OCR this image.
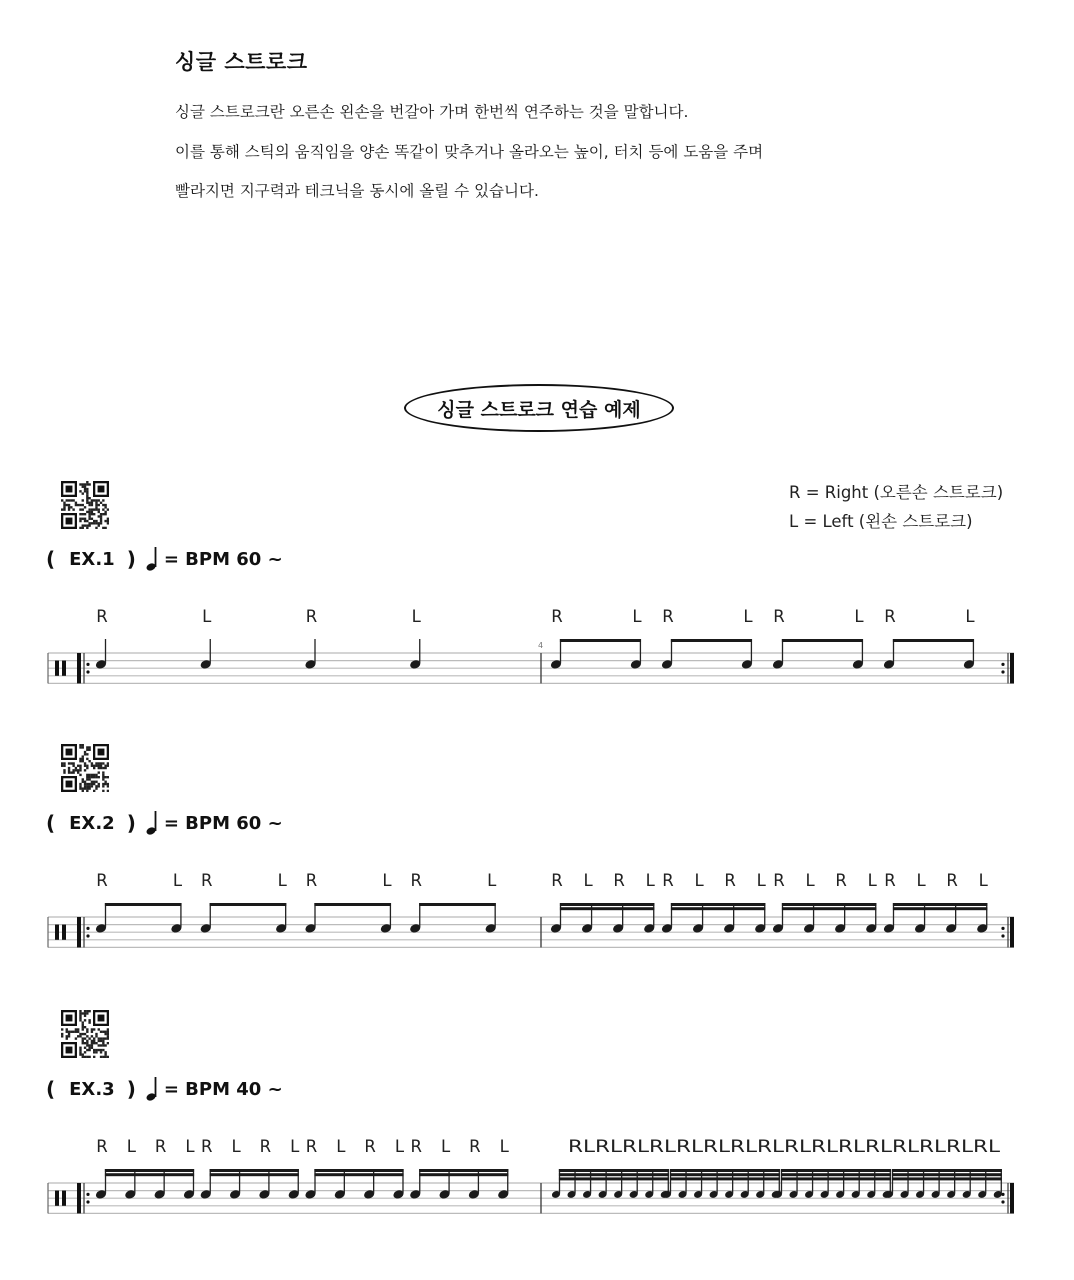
싱글 스트로크
싱글 스트로크란 오른손 왼손을 번갈아 가며 한번씩 연주하는 것을 말합니다.
이를 통해 스틱의 움직임을 양손 똑같이 맞추거나 올라오는 높이, 터치 등에 도움을 주며
빨라지면 지구력과 테크닉을 동시에 올릴 수 있습니다.
싱글 스트로크 연습 예제
R = Right (오른손 스트로크)
L = Left (왼손 스트로크)
( EX.1 ) = BPM 60 ~
4
R	L	R	L	R	L R	L R	L R	L
( EX.2 ) = BPM 60 ~
R	L R	L R	L R	L	R L R L R L R L R L R L R L R L
( EX.3 ) = BPM 40 ~
R L R L R L R L R L R L R L R L	RLRLRLRLRLRLRLRLRLRLRLRLRLRLRLRL
